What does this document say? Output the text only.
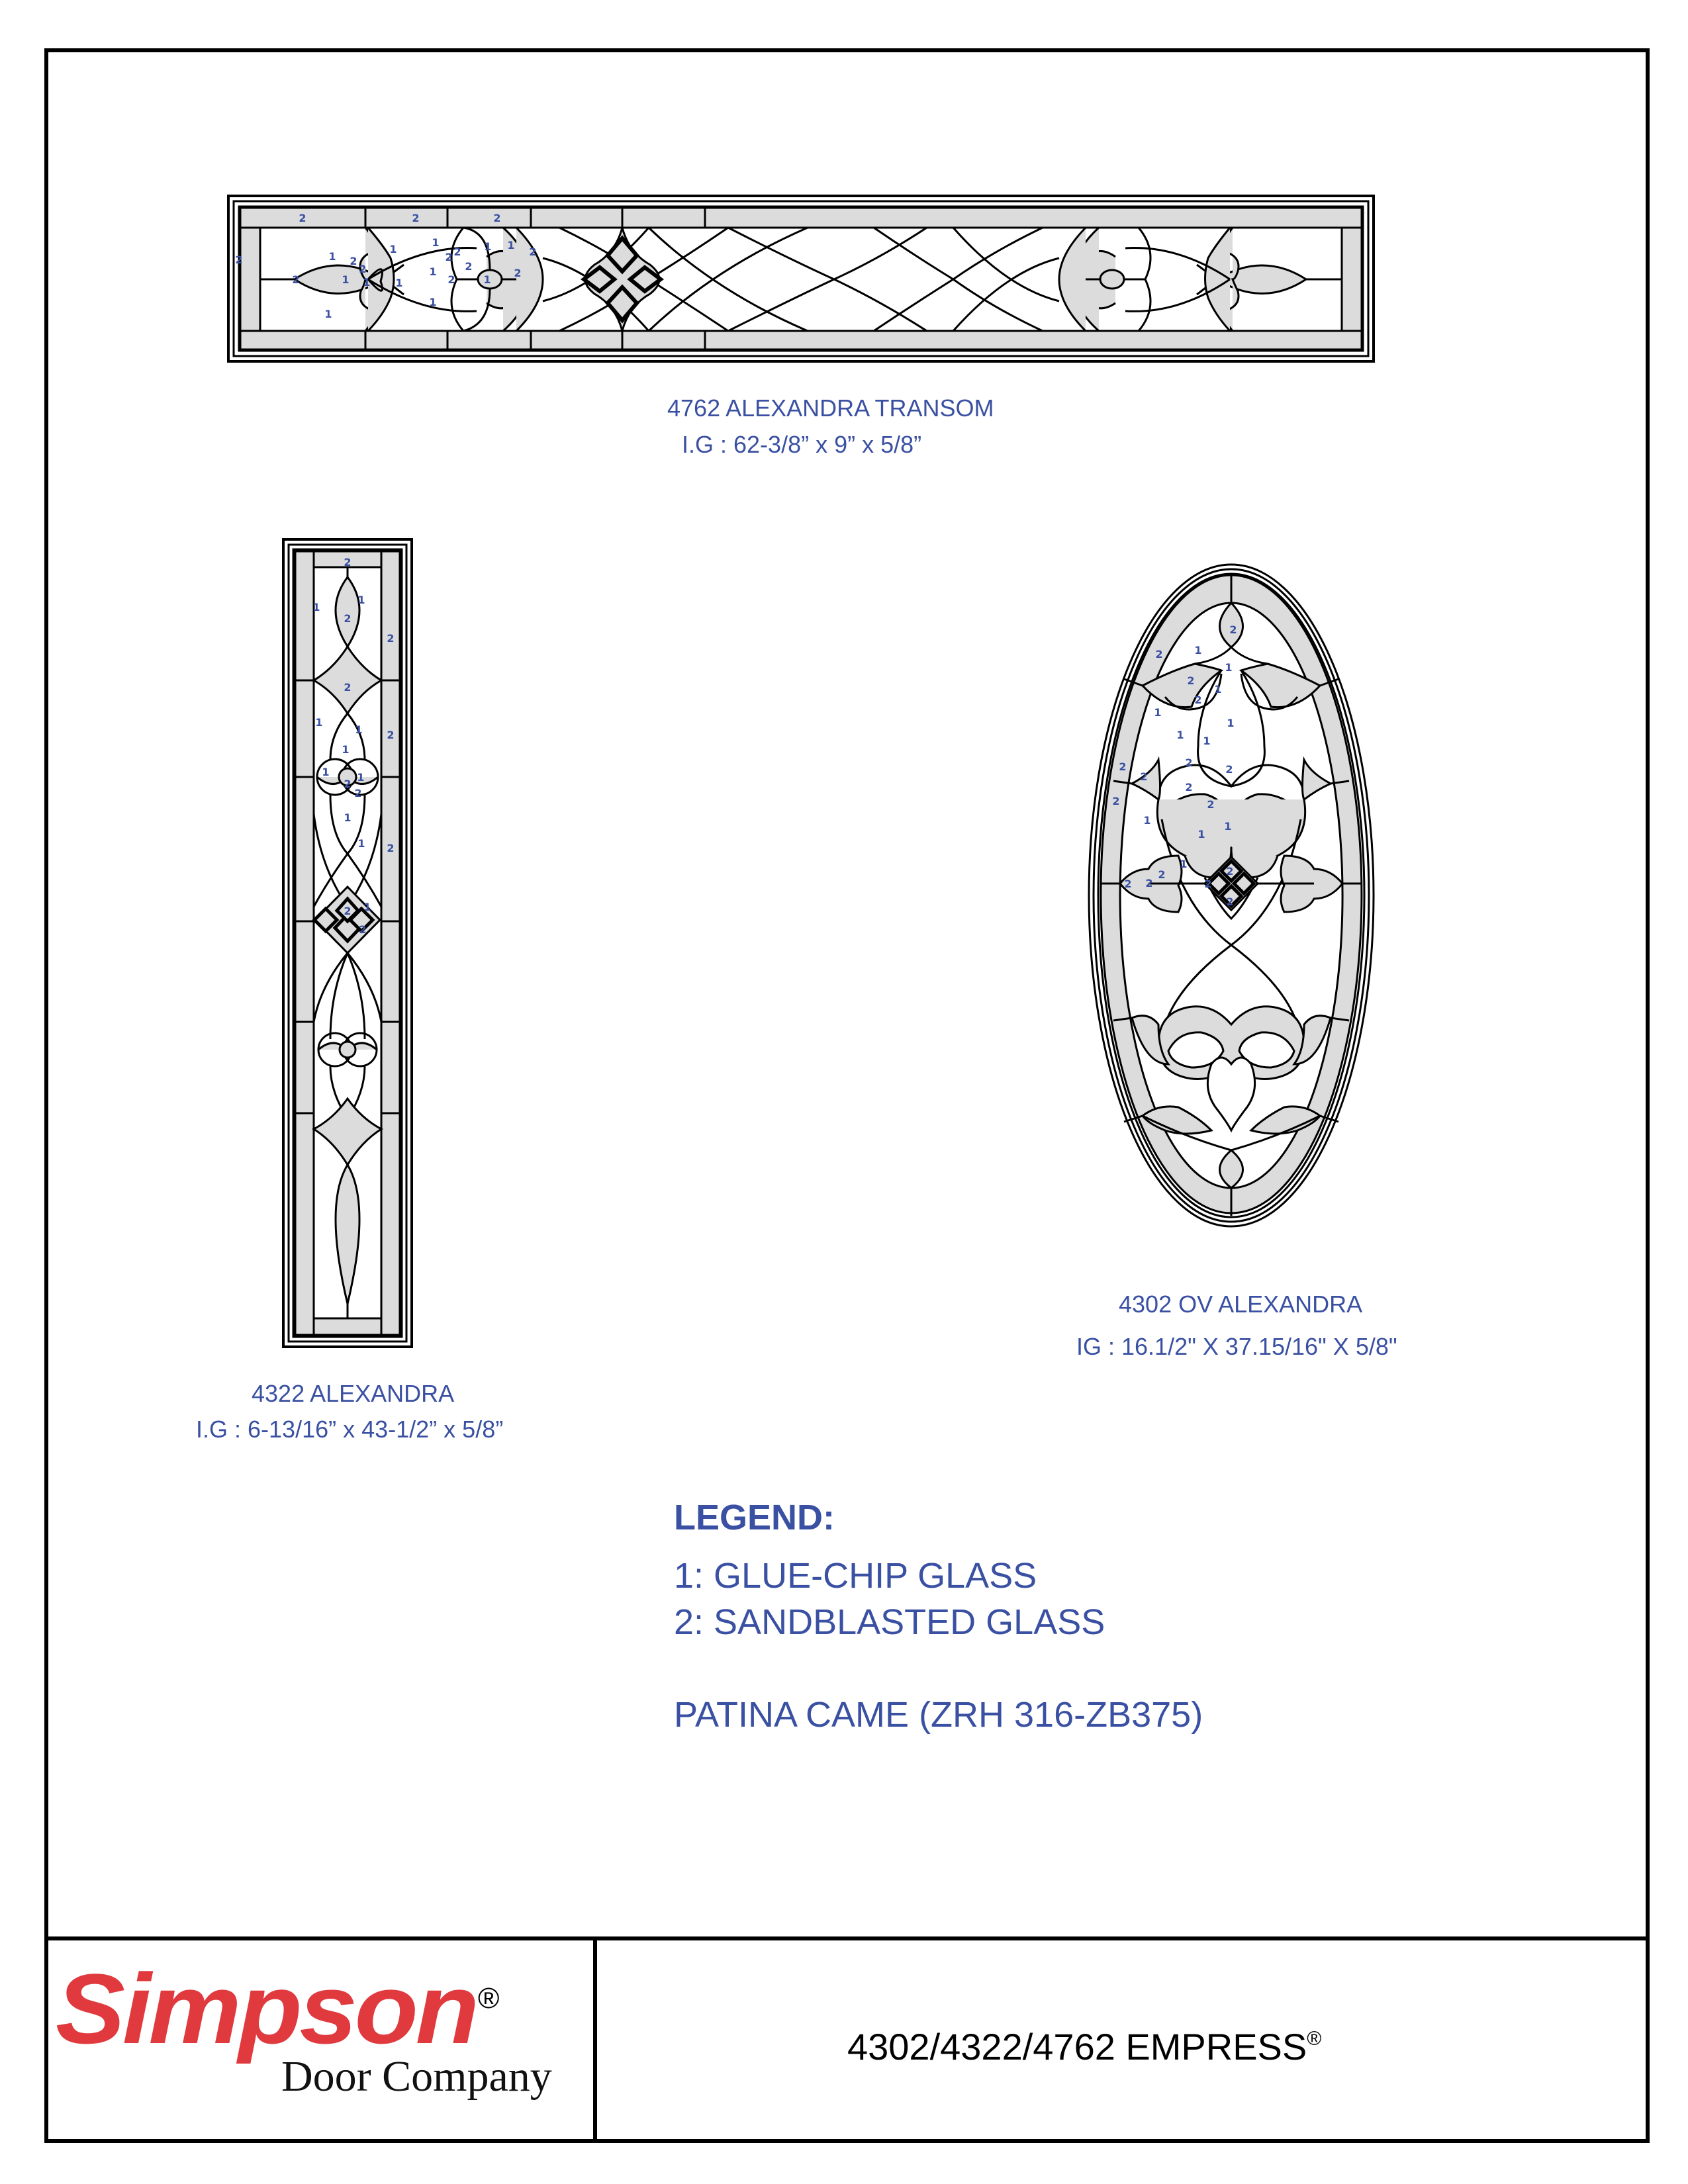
2	2	2
2
2
1
1
1
2
2
1
1
1
1
1
1
2 2
2
2
1 1
1
2
2
4762 ALEXANDRA TRANSOM
I.G : 62-3/8” x 9” x 5/8”
2
1
1
2
2
2
1
1 2
1
1	1
2
2
1
1 2
1
2
2
4322 ALEXANDRA
I.G : 6-13/16” x 43-1/2” x 5/8”
2
2	1
1
2
1
2
1
1
1 1
2
2
2
2
2
2
2
1	1
1
1
2
2
2
2
2
2
4302 OV ALEXANDRA
IG : 16.1/2" X 37.15/16" X 5/8"
LEGEND:
1: GLUE-CHIP GLASS
2: SANDBLASTED GLASS
PATINA CAME (ZRH 316-ZB375)
Simpson ®
Door Company
4302/4322/4762 EMPRESS®
